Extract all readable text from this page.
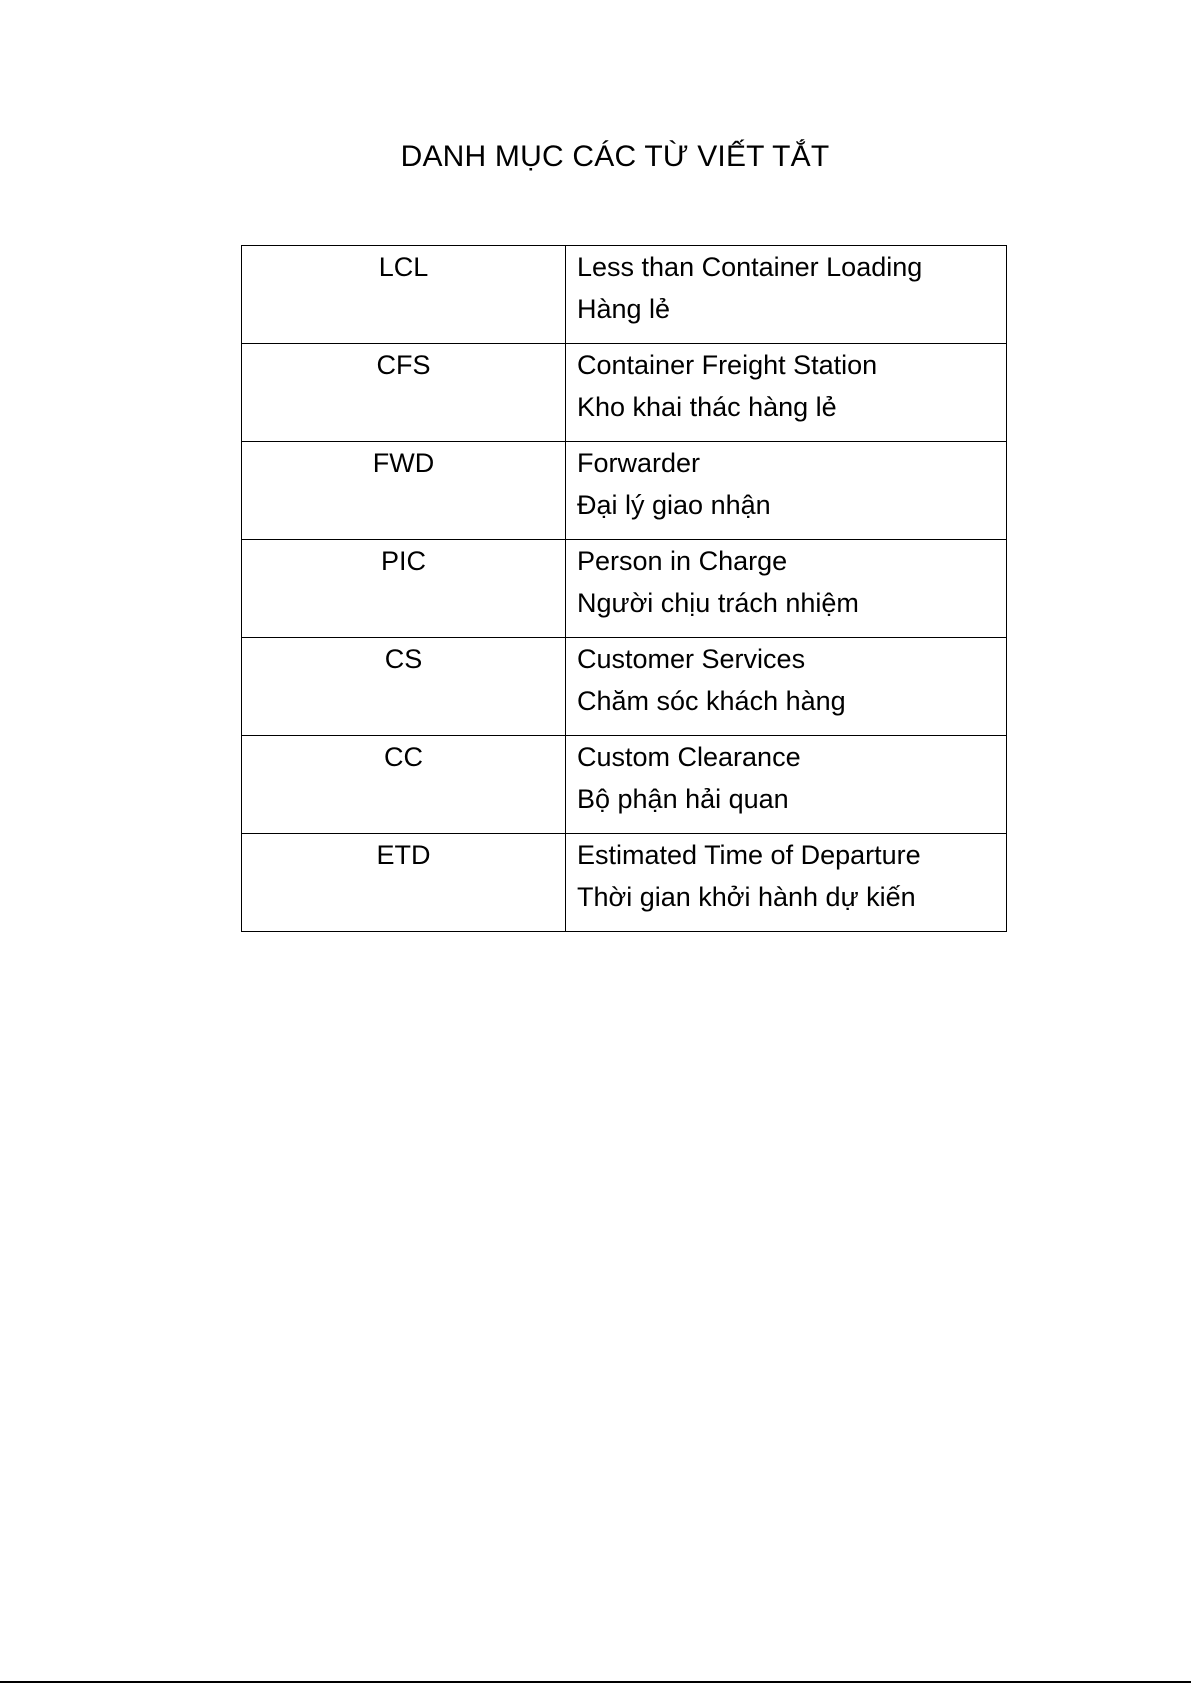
DANH MỤC CÁC TỪ VIẾT TẮT
LCL	Less than Container Loading
Hàng lẻ

CFS	Container Freight Station
Kho khai thác hàng lẻ

FWD	Forwarder
Đại lý giao nhận

PIC	Person in Charge
Người chịu trách nhiệm

CS	Customer Services
Chăm sóc khách hàng

CC	Custom Clearance
Bộ phận hải quan

ETD	Estimated Time of Departure
Thời gian khởi hành dự kiến
